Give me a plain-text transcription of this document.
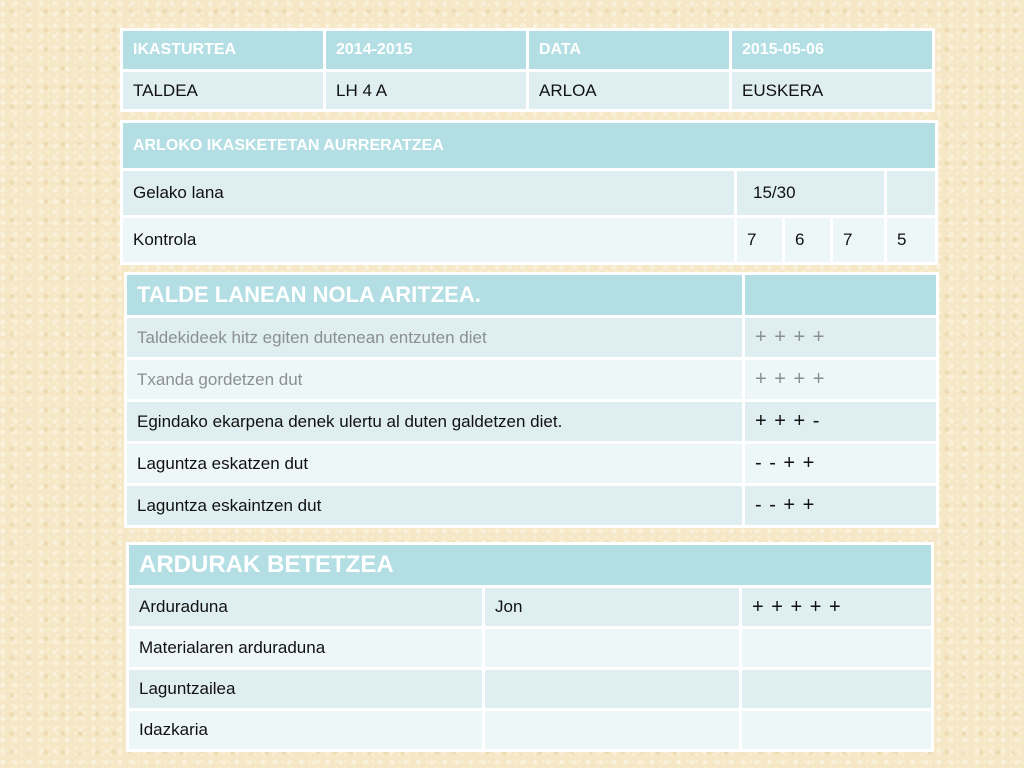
IKASTURTEA	2014-2015	DATA	2015-05-06
TALDEA	LH 4 A	ARLOA	EUSKERA
ARLOKO IKASKETETAN AURRERATZEA				
Gelako lana	15/30			
Kontrola	7	6	7	5
TALDE LANEAN NOLA ARITZEA.	
Taldekideek hitz egiten dutenean entzuten diet	+ + + +
Txanda gordetzen dut	+ + + +
Egindako ekarpena denek ulertu al duten galdetzen diet.	+ + + -
Laguntza eskatzen dut	- - + +
Laguntza eskaintzen dut	- - + +
ARDURAK BETETZEA		
Arduraduna	Jon	+ + + + +
Materialaren arduraduna		
Laguntzailea		
Idazkaria		
